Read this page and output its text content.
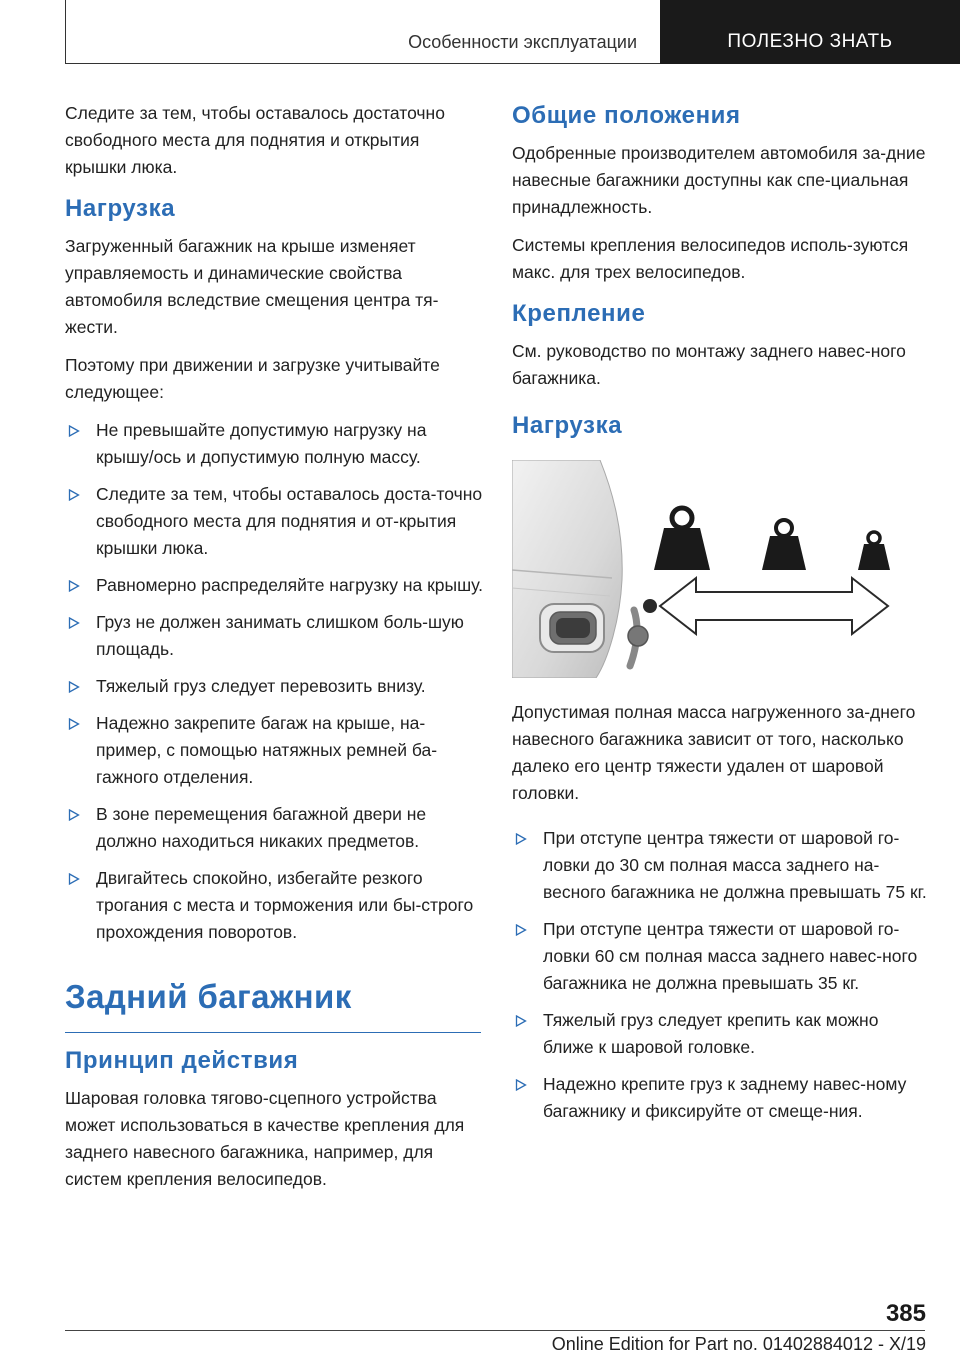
Особенности эксплуатации	ПОЛЕЗНО ЗНАТЬ

Следите за тем, чтобы оставалось достаточно свободного места для поднятия и открытия крышки люка.

Нагрузка

Загруженный багажник на крыше изменяет управляемость и динамические свойства автомобиля вследствие смещения центра тя-жести.

Поэтому при движении и загрузке учитывайте следующее:

Не превышайте допустимую нагрузку на крышу/ось и допустимую полную массу.
Следите за тем, чтобы оставалось доста-точно свободного места для поднятия и от-крытия крышки люка.
Равномерно распределяйте нагрузку на крышу.
Груз не должен занимать слишком боль-шую площадь.
Тяжелый груз следует перевозить внизу.
Надежно закрепите багаж на крыше, на-пример, с помощью натяжных ремней ба-гажного отделения.
В зоне перемещения багажной двери не должно находиться никаких предметов.
Двигайтесь спокойно, избегайте резкого трогания с места и торможения или бы-строго прохождения поворотов.
Задний багажник
Принцип действия

Шаровая головка тягово-сцепного устройства может использоваться в качестве крепления для заднего навесного багажника, например, для систем крепления велосипедов.

Общие положения

Одобренные производителем автомобиля за-дние навесные багажники доступны как спе-циальная принадлежность.

Системы крепления велосипедов исполь-зуются макс. для трех велосипедов.

Крепление

См. руководство по монтажу заднего навес-ного багажника.

Нагрузка

Допустимая полная масса нагруженного за-днего навесного багажника зависит от того, насколько далеко его центр тяжести удален от шаровой головки.

При отступе центра тяжести от шаровой го-ловки до 30 см полная масса заднего на-весного багажника не должна превышать 75 кг.
При отступе центра тяжести от шаровой го-ловки 60 см полная масса заднего навес-ного багажника не должна превышать 35 кг.
Тяжелый груз следует крепить как можно ближе к шаровой головке.
Надежно крепите груз к заднему навес-ному багажнику и фиксируйте от смеще-ния.
385
Online Edition for Part no. 01402884012 - X/19
